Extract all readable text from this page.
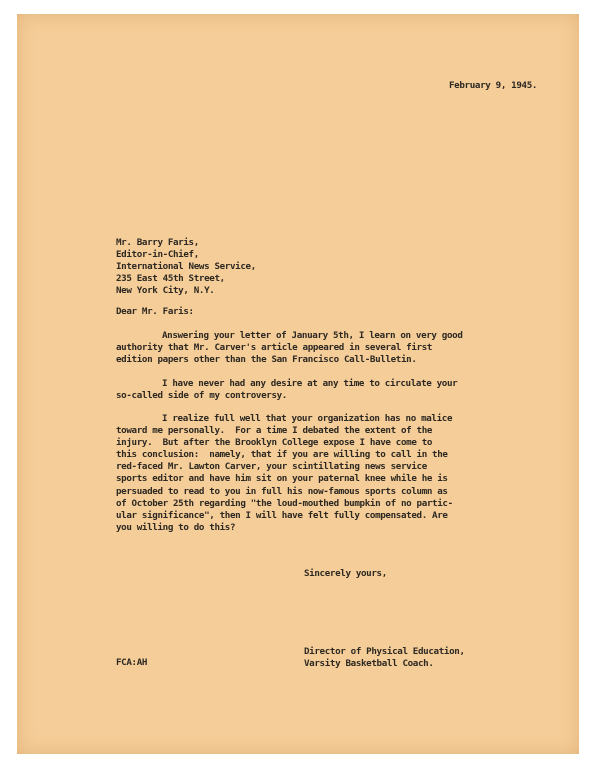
February 9, 1945.
Mr. Barry Faris,
Editor-in-Chief,
International News Service,
235 East 45th Street,
New York City, N.Y.
Dear Mr. Faris:
Answering your letter of January 5th, I learn on very good
authority that Mr. Carver's article appeared in several first
edition papers other than the San Francisco Call-Bulletin.
I have never had any desire at any time to circulate your
so-called side of my controversy.
I realize full well that your organization has no malice
toward me personally.  For a time I debated the extent of the
injury.  But after the Brooklyn College expose I have come to
this conclusion:  namely, that if you are willing to call in the
red-faced Mr. Lawton Carver, your scintillating news service
sports editor and have him sit on your paternal knee while he is
persuaded to read to you in full his now-famous sports column as
of October 25th regarding "the loud-mouthed bumpkin of no partic-
ular significance", then I will have felt fully compensated. Are
you willing to do this?
Sincerely yours,
Director of Physical Education,
Varsity Basketball Coach.
FCA:AH
